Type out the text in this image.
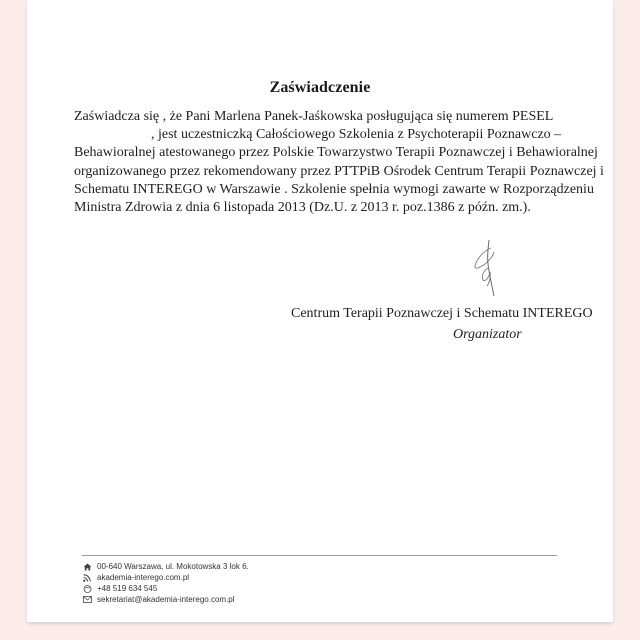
Zaświadczenie
Zaświadcza się , że Pani Marlena Panek-Jaśkowska posługująca się numerem PESEL
, jest uczestniczką Całościowego Szkolenia z Psychoterapii Poznawczo –
Behawioralnej atestowanego przez Polskie Towarzystwo Terapii Poznawczej i Behawioralnej
organizowanego przez rekomendowany przez PTTPiB Ośrodek Centrum Terapii Poznawczej i
Schematu INTEREGO w Warszawie . Szkolenie spełnia wymogi zawarte w Rozporządzeniu
Ministra Zdrowia z dnia 6 listopada 2013 (Dz.U. z 2013 r. poz.1386 z późn. zm.).
Centrum Terapii Poznawczej i Schematu INTEREGO
Organizator
00-640 Warszawa, ul. Mokotowska 3 lok 6.
akademia-interego.com.pl
+48 519 634 545
sekretariat@akademia-interego.com.pl
